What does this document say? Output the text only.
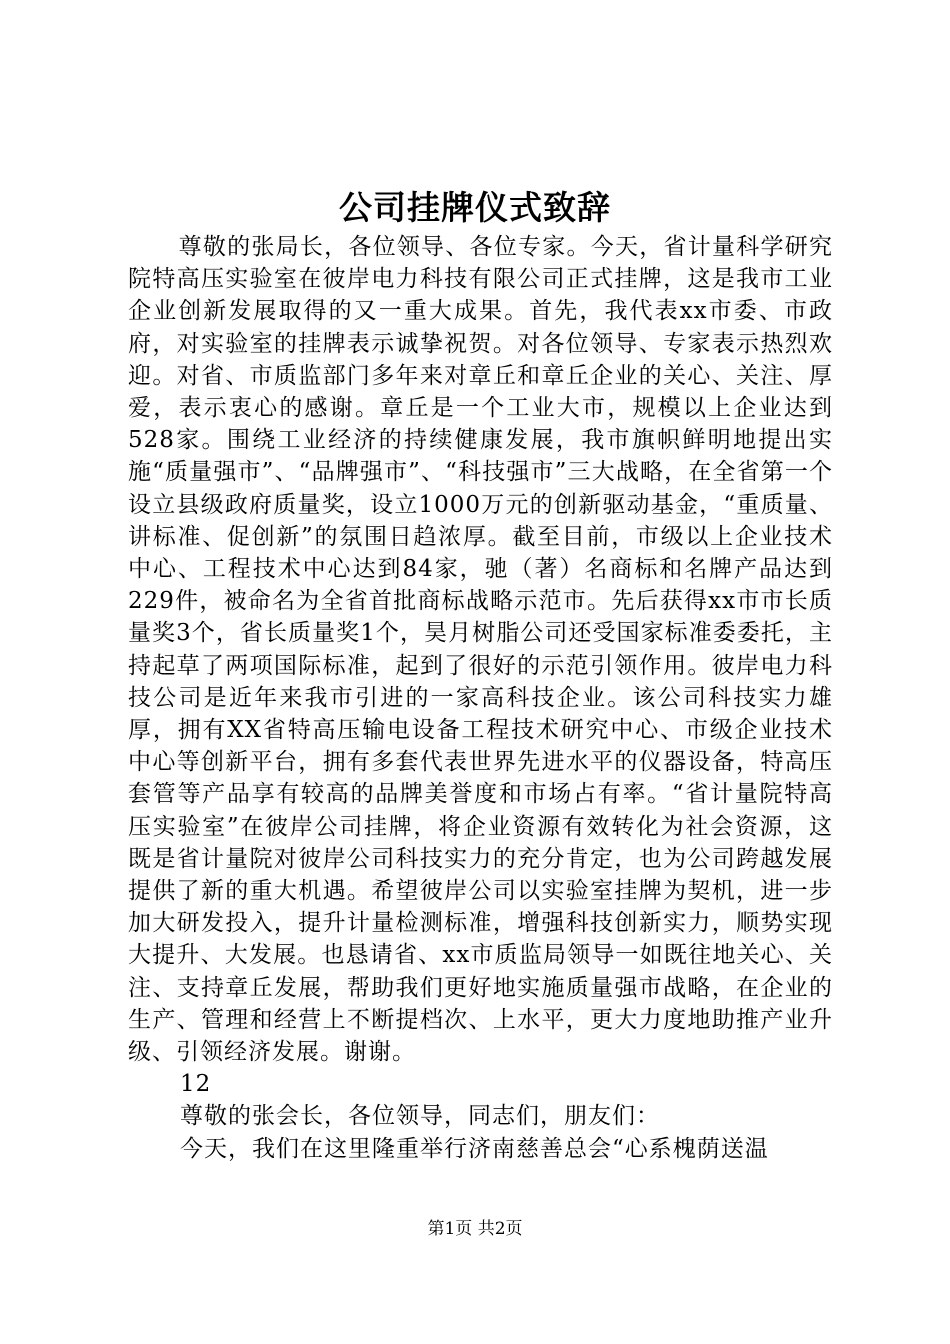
公司挂牌仪式致辞

尊敬的张局长，各位领导、各位专家。今天，省计量科学研究院特高压实验室在彼岸电力科技有限公司正式挂牌，这是我市工业企业创新发展取得的又一重大成果。首先，我代表xx市委、市政府，对实验室的挂牌表示诚挚祝贺。对各位领导、专家表示热烈欢迎。对省、市质监部门多年来对章丘和章丘企业的关心、关注、厚爱，表示衷心的感谢。章丘是一个工业大市，规模以上企业达到528家。围绕工业经济的持续健康发展，我市旗帜鲜明地提出实施“质量强市”、“品牌强市”、“科技强市”三大战略，在全省第一个设立县级政府质量奖，设立1000万元的创新驱动基金，“重质量、讲标准、促创新”的氛围日趋浓厚。截至目前，市级以上企业技术中心、工程技术中心达到84家，驰（著）名商标和名牌产品达到229件，被命名为全省首批商标战略示范市。先后获得xx市市长质量奖3个，省长质量奖1个，昊月树脂公司还受国家标准委委托，主持起草了两项国际标准，起到了很好的示范引领作用。彼岸电力科技公司是近年来我市引进的一家高科技企业。该公司科技实力雄厚，拥有XX省特高压输电设备工程技术研究中心、市级企业技术中心等创新平台，拥有多套代表世界先进水平的仪器设备，特高压套管等产品享有较高的品牌美誉度和市场占有率。“省计量院特高压实验室”在彼岸公司挂牌，将企业资源有效转化为社会资源，这既是省计量院对彼岸公司科技实力的充分肯定，也为公司跨越发展提供了新的重大机遇。希望彼岸公司以实验室挂牌为契机，进一步加大研发投入，提升计量检测标准，增强科技创新实力，顺势实现大提升、大发展。也恳请省、xx市质监局领导一如既往地关心、关注、支持章丘发展，帮助我们更好地实施质量强市战略，在企业的生产、管理和经营上不断提档次、上水平，更大力度地助推产业升级、引领经济发展。谢谢。

12

尊敬的张会长，各位领导，同志们，朋友们：

今天，我们在这里隆重举行济南慈善总会“心系槐荫送温

第1页 共2页
